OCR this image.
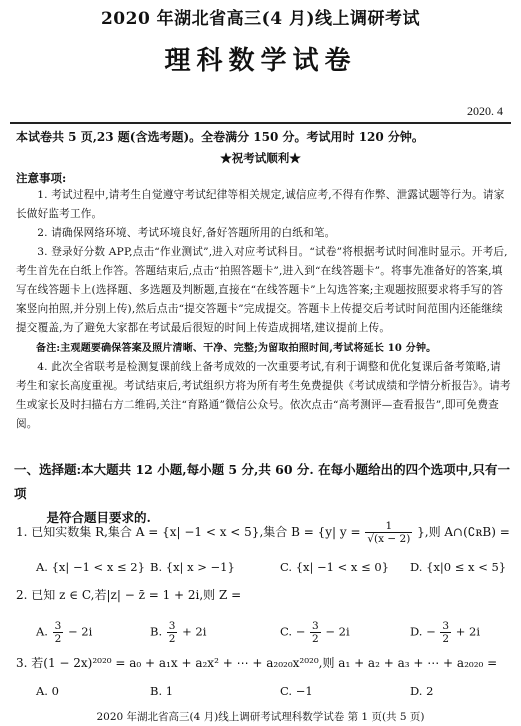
2020 年湖北省高三(4 月)线上调研考试
理科数学试卷
2020. 4
本试卷共 5 页,23 题(含选考题)。全卷满分 150 分。考试用时 120 分钟。
★祝考试顺利★
注意事项:
1. 考试过程中,请考生自觉遵守考试纪律等相关规定,诚信应考,不得有作弊、泄露试题等行为。请家长做好监考工作。
2. 请确保网络环境、考试环境良好,备好答题所用的白纸和笔。
3. 登录好分数 APP,点击“作业测试”,进入对应考试科目。“试卷”将根据考试时间准时显示。开考后,考生首先在白纸上作答。答题结束后,点击“拍照答题卡”,进入到“在线答题卡”。将事先准备好的答案,填写在线答题卡上(选择题、多选题及判断题,直接在“在线答题卡”上勾选答案;主观题按照要求将手写的答案竖向拍照,并分别上传),然后点击“提交答题卡”完成提交。答题卡上传提交后考试时间范围内还能继续提交覆盖,为了避免大家都在考试最后很短的时间上传造成拥堵,建议提前上传。
备注:主观题要确保答案及照片清晰、干净、完整;为留取拍照时间,考试将延长 10 分钟。
4. 此次全省联考是检测复课前线上备考成效的一次重要考试,有利于调整和优化复课后备考策略,请考生和家长高度重视。考试结束后,考试组织方将为所有考生免费提供《考试成绩和学情分析报告》。请考生或家长及时扫描右方二维码,关注“育路通”微信公众号。依次点击“高考测评—查看报告”,即可免费查阅。
一、选择题:本大题共 12 小题,每小题 5 分,共 60 分. 在每小题给出的四个选项中,只有一项
是符合题目要求的.
1. 已知实数集 R,集合 A = {x| −1 < x < 5},集合 B = {y| $y = \frac{1}{√(x - 2)}$ },则 A∩(∁ʀB) =
A. {x| −1 < x ≤ 2} B. {x| x > −1}	C. {x| −1 < x ≤ 0} D. {x|0 ≤ x < 5}
2. 已知 z ∈ C,若|z| − z̄ = 1 + 2i,则 Z =
A. $\frac{3}{2} - 2i$	B. $\frac{3}{2} + 2i$	C. − $\frac{3}{2} - 2i$	D. − $\frac{3}{2} + 2i$
3. 若(1 − 2x)²⁰²⁰ = a₀ + a₁x + a₂x² + ⋯ + a₂₀₂₀x²⁰²⁰,则 a₁ + a₂ + a₃ + ⋯ + a₂₀₂₀ =
A. 0	B. 1	C. −1	D. 2
2020 年湖北省高三(4 月)线上调研考试理科数学试卷 第 1 页(共 5 页)
